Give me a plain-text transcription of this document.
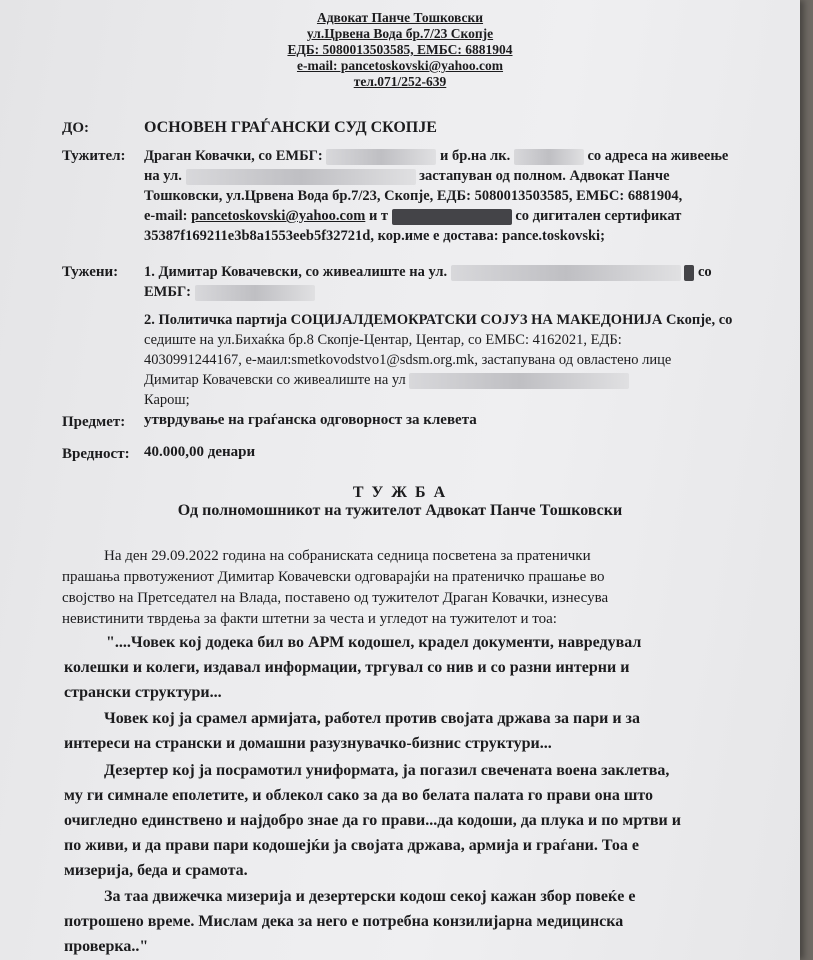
Адвокат Панче Тошковски
ул.Црвена Вода бр.7/23 Скопје
ЕДБ: 5080013503585, ЕМБС: 6881904
e-mail: pancetoskovski@yahoo.com
тел.071/252-639
ДО:	ОСНОВЕН ГРАЃАНСКИ СУД СКОПЈЕ
Тужител: Драган Ковачки, со ЕМБГ:	и бр.на лк.	со адреса на живеење
на ул.	застапуван од полном. Адвокат Панче
Тошковски, ул.Црвена Вода бр.7/23, Скопје, ЕДБ: 5080013503585, ЕМБС: 6881904,
e-mail: pancetoskovski@yahoo.com и т	со дигитален сертификат
35387f169211e3b8a1553eeb5f32721d, кор.име е достава: pance.toskovski;
Тужени: 1. Димитар Ковачевски, со живеалиште на ул.	со
ЕМБГ:
2. Политичка партија СОЦИЈАЛДЕМОКРАТСКИ СОЈУЗ НА МАКЕДОНИЈА Скопје, со
седиште на ул.Бихаќка бр.8 Скопје-Центар, Центар, со ЕМБС: 4162021, ЕДБ:
4030991244167, е-маил:smetkovodstvo1@sdsm.org.mk, застапувана од овластено лице
Димитар Ковачевски со живеалиште на ул
Карош;
Предмет: утврдување на граѓанска одговорност за клевета
Вредност: 40.000,00 денари
Т У Ж Б А
Од полномошникот на тужителот Адвокат Панче Тошковски
На ден 29.09.2022 година на собраниската седница посветена за пратенички
прашања првотужениот Димитар Ковачевски одговарајќи на пратеничко прашање во
својство на Претседател на Влада, поставено од тужителот Драган Ковачки, изнесува
невистинити тврдења за факти штетни за честа и угледот на тужителот и тоа:
"....Човек кој додека бил во АРМ кодошел, крадел документи, навредувал
колешки и колеги, издавал информации, тргувал со нив и со разни интерни и
странски структури...
Човек кој ја срамел армијата, работел против својата држава за пари и за
интереси на странски и домашни разузнувачко-бизнис структури...
Дезертер кој ја посрамотил униформата, ја погазил свечената воена заклетва,
му ги симнале еполетите, и облекол сако за да во белата палата го прави она што
очигледно единствено и најдобро знае да го прави...да кодоши, да плука и по мртви и
по живи, и да прави пари кодошејќи ја својата држава, армија и граѓани. Тоа е
мизерија, беда и срамота.
За таа движечка мизерија и дезертерски кодош секој кажан збор повеќе е
потрошено време. Мислам дека за него е потребна конзилијарна медицинска
проверка.."
